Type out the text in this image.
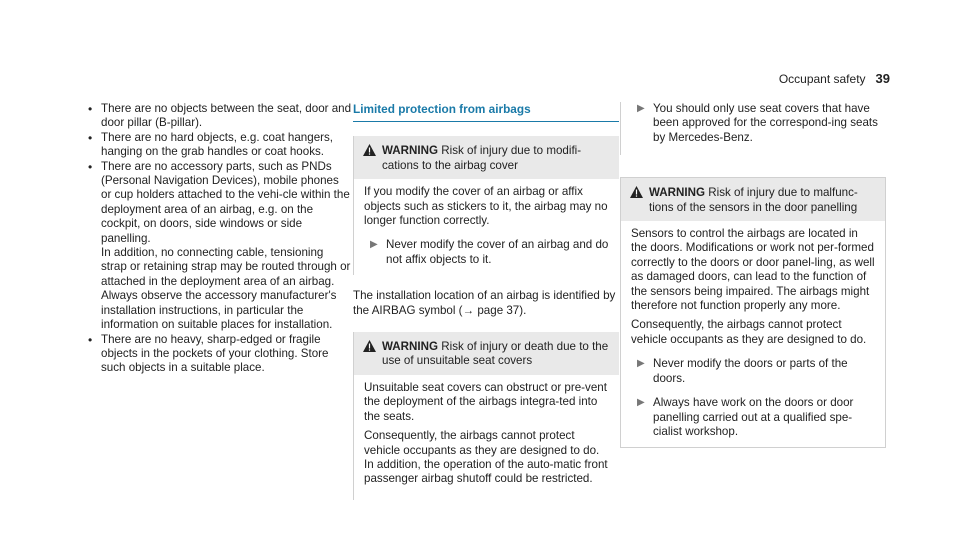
Occupant safety 39
• There are no objects between the seat, door and door pillar (B-pillar).

• There are no hard objects, e.g. coat hangers, hanging on the grab handles or coat hooks.

• There are no accessory parts, such as PNDs (Personal Navigation Devices), mobile phones or cup holders attached to the vehi-cle within the deployment area of an airbag, e.g. on the cockpit, on doors, side windows or side panelling.

In addition, no connecting cable, tensioning strap or retaining strap may be routed through or attached in the deployment area of an airbag. Always observe the accessory manufacturer's installation instructions, in particular the information on suitable places for installation.

• There are no heavy, sharp-edged or fragile objects in the pockets of your clothing. Store such objects in a suitable place.

Limited protection from airbags
WARNING Risk of injury due to modifi-cations to the airbag cover

If you modify the cover of an airbag or affix objects such as stickers to it, the airbag may no longer function correctly.

▶ Never modify the cover of an airbag and do not affix objects to it.

The installation location of an airbag is identified by the AIRBAG symbol (→ page 37).

WARNING Risk of injury or death due to the use of unsuitable seat covers

Unsuitable seat covers can obstruct or pre-vent the deployment of the airbags integra-ted into the seats.

Consequently, the airbags cannot protect vehicle occupants as they are designed to do. In addition, the operation of the auto-matic front passenger airbag shutoff could be restricted.

▶ You should only use seat covers that have been approved for the correspond-ing seats by Mercedes-Benz.
WARNING Risk of injury due to malfunc-tions of the sensors in the door panelling

Sensors to control the airbags are located in the doors. Modifications or work not per-formed correctly to the doors or door panel-ling, as well as damaged doors, can lead to the function of the sensors being impaired. The airbags might therefore not function properly any more.

Consequently, the airbags cannot protect vehicle occupants as they are designed to do.

▶ Never modify the doors or parts of the doors.
▶ Always have work on the doors or door panelling carried out at a qualified spe-cialist workshop.
